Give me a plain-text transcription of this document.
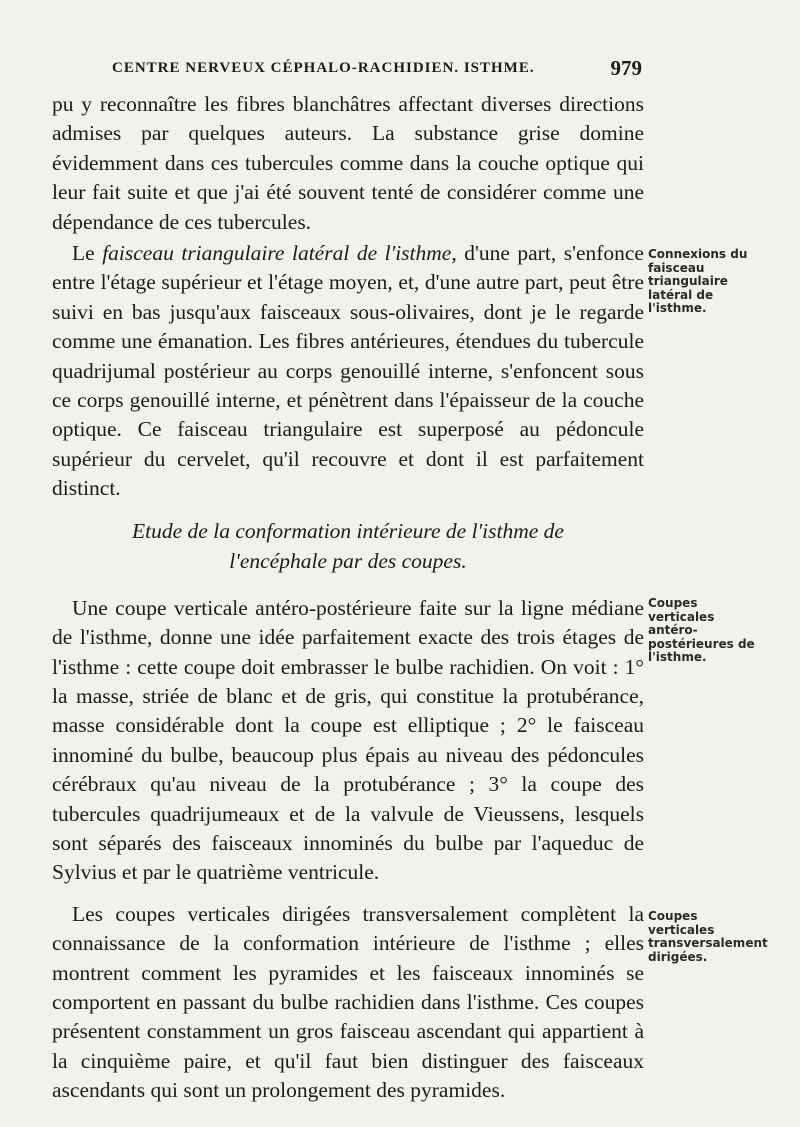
CENTRE NERVEUX CÉPHALO-RACHIDIEN. ISTHME.	979

pu y reconnaître les fibres blanchâtres affectant diverses directions admises par quelques auteurs. La substance grise domine évidemment dans ces tubercules comme dans la couche optique qui leur fait suite et que j'ai été souvent tenté de considérer comme une dépendance de ces tubercules.

Le faisceau triangulaire latéral de l'isthme, d'une part, s'enfonce entre l'étage supérieur et l'étage moyen, et, d'une autre part, peut être suivi en bas jusqu'aux faisceaux sous-olivaires, dont je le regarde comme une émanation. Les fibres antérieures, étendues du tubercule quadrijumal postérieur au corps genouillé interne, s'enfoncent sous ce corps genouillé interne, et pénètrent dans l'épaisseur de la couche optique. Ce faisceau triangulaire est superposé au pédoncule supérieur du cervelet, qu'il recouvre et dont il est parfaitement distinct.

Etude de la conformation intérieure de l'isthme de
l'encéphale par des coupes.

Une coupe verticale antéro-postérieure faite sur la ligne médiane de l'isthme, donne une idée parfaitement exacte des trois étages de l'isthme : cette coupe doit embrasser le bulbe rachidien. On voit : 1° la masse, striée de blanc et de gris, qui constitue la protubérance, masse considérable dont la coupe est elliptique ; 2° le faisceau innominé du bulbe, beaucoup plus épais au niveau des pédoncules cérébraux qu'au niveau de la protubérance ; 3° la coupe des tubercules quadrijumeaux et de la valvule de Vieussens, lesquels sont séparés des faisceaux innominés du bulbe par l'aqueduc de Sylvius et par le quatrième ventricule.

Les coupes verticales dirigées transversalement complètent la connaissance de la conformation intérieure de l'isthme ; elles montrent comment les pyramides et les faisceaux innominés se comportent en passant du bulbe rachidien dans l'isthme. Ces coupes présentent constamment un gros faisceau ascendant qui appartient à la cinquième paire, et qu'il faut bien distinguer des faisceaux ascendants qui sont un prolongement des pyramides.

Connexions du faisceau triangulaire latéral de l'isthme.
Coupes verticales antéro-postérieures de l'isthme.
Coupes verticales transversalement dirigées.
